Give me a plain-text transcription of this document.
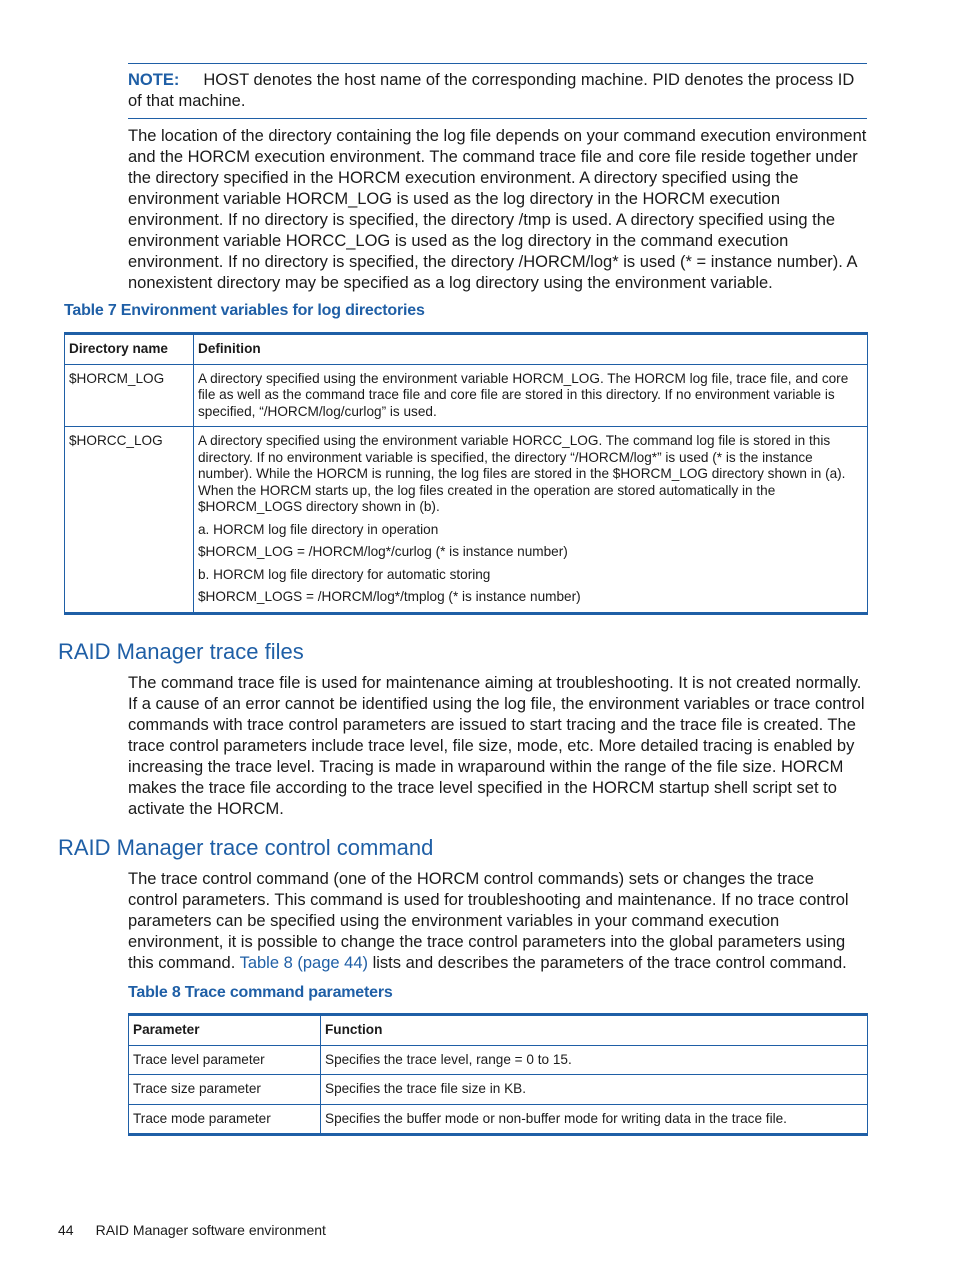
NOTE: HOST denotes the host name of the corresponding machine. PID denotes the process ID of that machine.

The location of the directory containing the log file depends on your command execution environment and the HORCM execution environment. The command trace file and core file reside together under the directory specified in the HORCM execution environment. A directory specified using the environment variable HORCM_LOG is used as the log directory in the HORCM execution environment. If no directory is specified, the directory /tmp is used. A directory specified using the environment variable HORCC_LOG is used as the log directory in the command execution environment. If no directory is specified, the directory /HORCM/log* is used (* = instance number). A nonexistent directory may be specified as a log directory using the environment variable.

Table 7 Environment variables for log directories
Directory name	Definition
$HORCM_LOG	A directory specified using the environment variable HORCM_LOG. The HORCM log file, trace file, and core file as well as the command trace file and core file are stored in this directory. If no environment variable is specified, “/HORCM/log/curlog” is used.

$HORCC_LOG	A directory specified using the environment variable HORCC_LOG. The command log file is stored in this directory. If no environment variable is specified, the directory “/HORCM/log*” is used (* is the instance number). While the HORCM is running, the log files are stored in the $HORCM_LOG directory shown in (a). When the HORCM starts up, the log files created in the operation are stored automatically in the $HORCM_LOGS directory shown in (b).

a. HORCM log file directory in operation

$HORCM_LOG = /HORCM/log*/curlog (* is instance number)

b. HORCM log file directory for automatic storing

$HORCM_LOGS = /HORCM/log*/tmplog (* is instance number)

RAID Manager trace files

The command trace file is used for maintenance aiming at troubleshooting. It is not created normally. If a cause of an error cannot be identified using the log file, the environment variables or trace control commands with trace control parameters are issued to start tracing and the trace file is created. The trace control parameters include trace level, file size, mode, etc. More detailed tracing is enabled by increasing the trace level. Tracing is made in wraparound within the range of the file size. HORCM makes the trace file according to the trace level specified in the HORCM startup shell script set to activate the HORCM.

RAID Manager trace control command

The trace control command (one of the HORCM control commands) sets or changes the trace control parameters. This command is used for troubleshooting and maintenance. If no trace control parameters can be specified using the environment variables in your command execution environment, it is possible to change the trace control parameters into the global parameters using this command. Table 8 (page 44) lists and describes the parameters of the trace control command.

Table 8 Trace command parameters
Parameter	Function
Trace level parameter	Specifies the trace level, range = 0 to 15.
Trace size parameter	Specifies the trace file size in KB.
Trace mode parameter	Specifies the buffer mode or non-buffer mode for writing data in the trace file.
44 RAID Manager software environment
